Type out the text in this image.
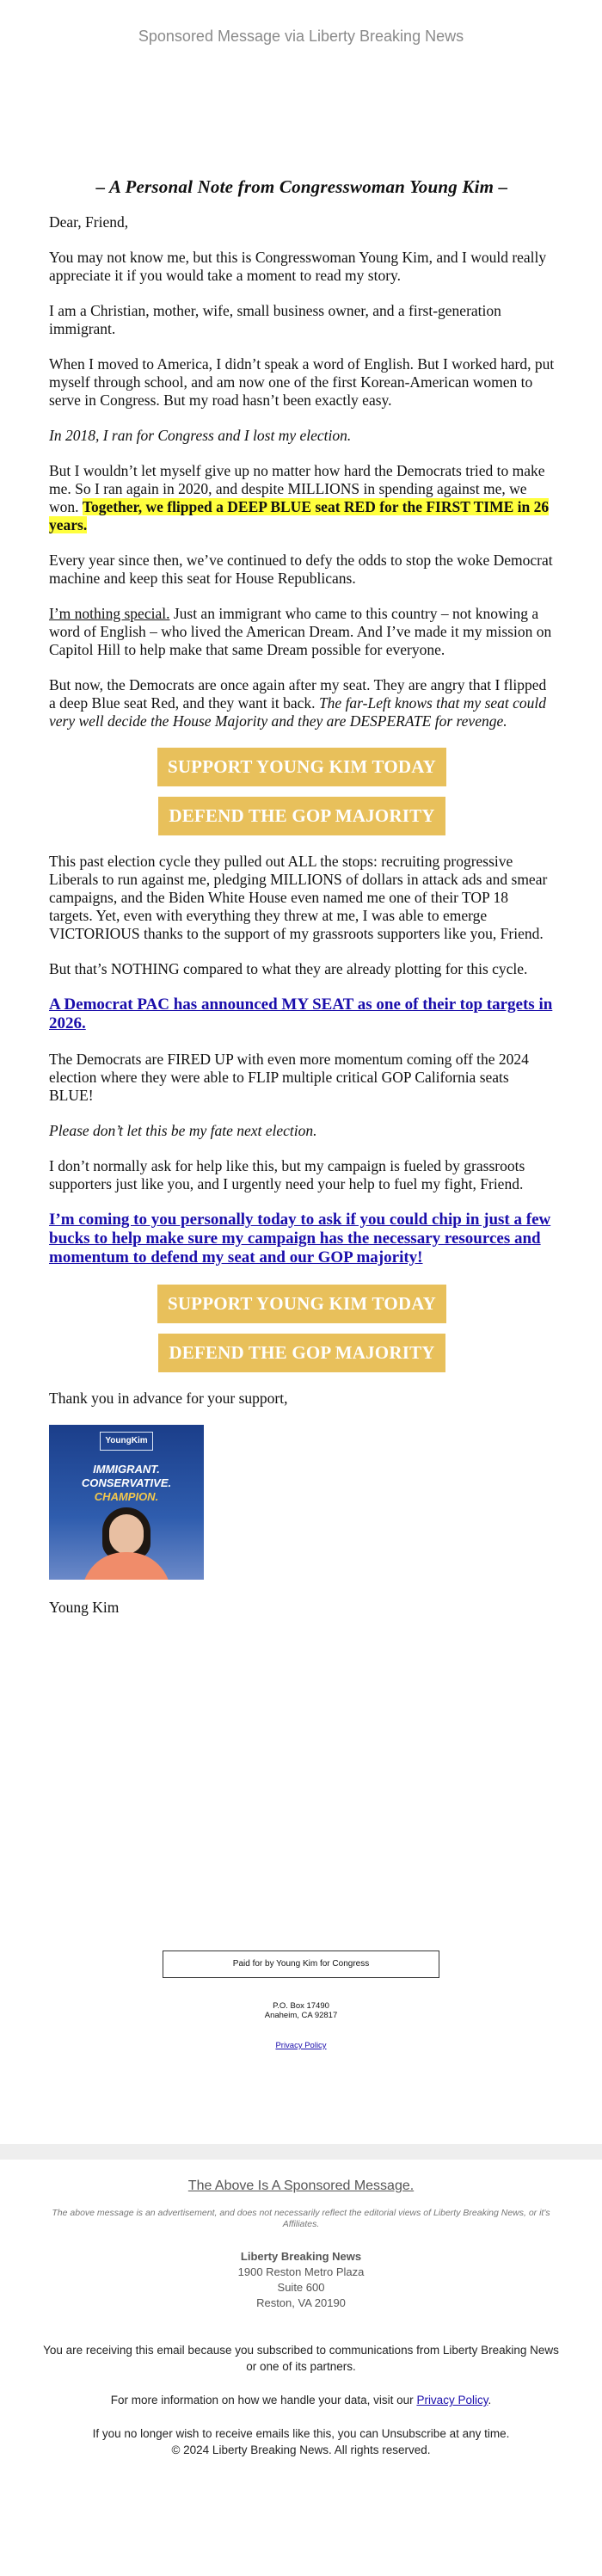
Sponsored Message via Liberty Breaking News
– A Personal Note from Congresswoman Young Kim –

Dear, Friend,

You may not know me, but this is Congresswoman Young Kim, and I would really appreciate it if you would take a moment to read my story.

I am a Christian, mother, wife, small business owner, and a first-generation immigrant.

When I moved to America, I didn’t speak a word of English. But I worked hard, put myself through school, and am now one of the first Korean-American women to serve in Congress. But my road hasn’t been exactly easy.

In 2018, I ran for Congress and I lost my election.

But I wouldn’t let myself give up no matter how hard the Democrats tried to make me. So I ran again in 2020, and despite MILLIONS in spending against me, we won. Together, we flipped a DEEP BLUE seat RED for the FIRST TIME in 26 years.

Every year since then, we’ve continued to defy the odds to stop the woke Democrat machine and keep this seat for House Republicans.

I’m nothing special. Just an immigrant who came to this country – not knowing a word of English – who lived the American Dream. And I’ve made it my mission on Capitol Hill to help make that same Dream possible for everyone.

But now, the Democrats are once again after my seat. They are angry that I flipped a deep Blue seat Red, and they want it back. The far-Left knows that my seat could very well decide the House Majority and they are DESPERATE for revenge.

SUPPORT YOUNG KIM TODAY
DEFEND THE GOP MAJORITY

This past election cycle they pulled out ALL the stops: recruiting progressive Liberals to run against me, pledging MILLIONS of dollars in attack ads and smear campaigns, and the Biden White House even named me one of their TOP 18 targets. Yet, even with everything they threw at me, I was able to emerge VICTORIOUS thanks to the support of my grassroots supporters like you, Friend.

But that’s NOTHING compared to what they are already plotting for this cycle.

A Democrat PAC has announced MY SEAT as one of their top targets in 2026.

The Democrats are FIRED UP with even more momentum coming off the 2024 election where they were able to FLIP multiple critical GOP California seats BLUE!

Please don’t let this be my fate next election.

I don’t normally ask for help like this, but my campaign is fueled by grassroots supporters just like you, and I urgently need your help to fuel my fight, Friend.

I’m coming to you personally today to ask if you could chip in just a few bucks to help make sure my campaign has the necessary resources and momentum to defend my seat and our GOP majority!

SUPPORT YOUNG KIM TODAY
DEFEND THE GOP MAJORITY

Thank you in advance for your support,

YoungKim
IMMIGRANT.
CONSERVATIVE.
CHAMPION.

Young Kim

Paid for by Young Kim for Congress
P.O. Box 17490
Anaheim, CA 92817
Privacy Policy
The Above Is A Sponsored Message.
The above message is an advertisement, and does not necessarily reflect the editorial views of Liberty Breaking News, or it's Affiliates.
Liberty Breaking News
1900 Reston Metro Plaza
Suite 600
Reston, VA 20190
You are receiving this email because you subscribed to communications from Liberty Breaking News or one of its partners.
For more information on how we handle your data, visit our Privacy Policy.
If you no longer wish to receive emails like this, you can Unsubscribe at any time.
© 2024 Liberty Breaking News. All rights reserved.
